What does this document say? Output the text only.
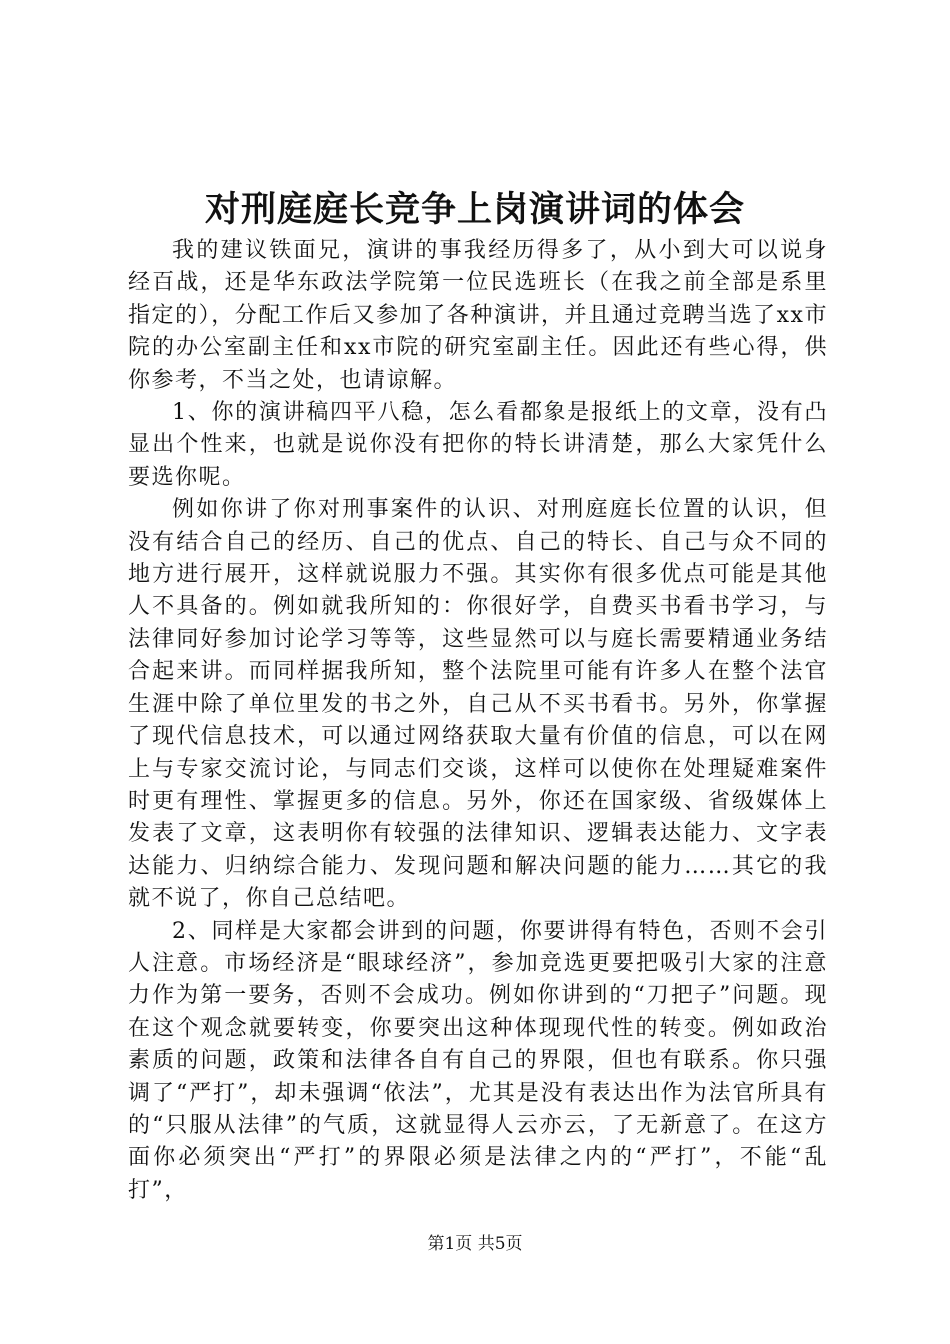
对刑庭庭长竞争上岗演讲词的体会

我的建议铁面兄，演讲的事我经历得多了，从小到大可以说身经百战，还是华东政法学院第一位民选班长（在我之前全部是系里指定的），分配工作后又参加了各种演讲，并且通过竞聘当选了xx市院的办公室副主任和xx市院的研究室副主任。因此还有些心得，供你参考，不当之处，也请谅解。

1、你的演讲稿四平八稳，怎么看都象是报纸上的文章，没有凸显出个性来，也就是说你没有把你的特长讲清楚，那么大家凭什么要选你呢。

例如你讲了你对刑事案件的认识、对刑庭庭长位置的认识，但没有结合自己的经历、自己的优点、自己的特长、自己与众不同的地方进行展开，这样就说服力不强。其实你有很多优点可能是其他人不具备的。例如就我所知的：你很好学，自费买书看书学习，与法律同好参加讨论学习等等，这些显然可以与庭长需要精通业务结合起来讲。而同样据我所知，整个法院里可能有许多人在整个法官生涯中除了单位里发的书之外，自己从不买书看书。另外，你掌握了现代信息技术，可以通过网络获取大量有价值的信息，可以在网上与专家交流讨论，与同志们交谈，这样可以使你在处理疑难案件时更有理性、掌握更多的信息。另外，你还在国家级、省级媒体上发表了文章，这表明你有较强的法律知识、逻辑表达能力、文字表达能力、归纳综合能力、发现问题和解决问题的能力……其它的我就不说了，你自己总结吧。

2、同样是大家都会讲到的问题，你要讲得有特色，否则不会引人注意。市场经济是“眼球经济”，参加竞选更要把吸引大家的注意力作为第一要务，否则不会成功。例如你讲到的“刀把子”问题。现在这个观念就要转变，你要突出这种体现现代性的转变。例如政治素质的问题，政策和法律各自有自己的界限，但也有联系。你只强调了“严打”，却未强调“依法”，尤其是没有表达出作为法官所具有的“只服从法律”的气质，这就显得人云亦云，了无新意了。在这方面你必须突出“严打”的界限必须是法律之内的“严打”，不能“乱打”，

第1页 共5页
